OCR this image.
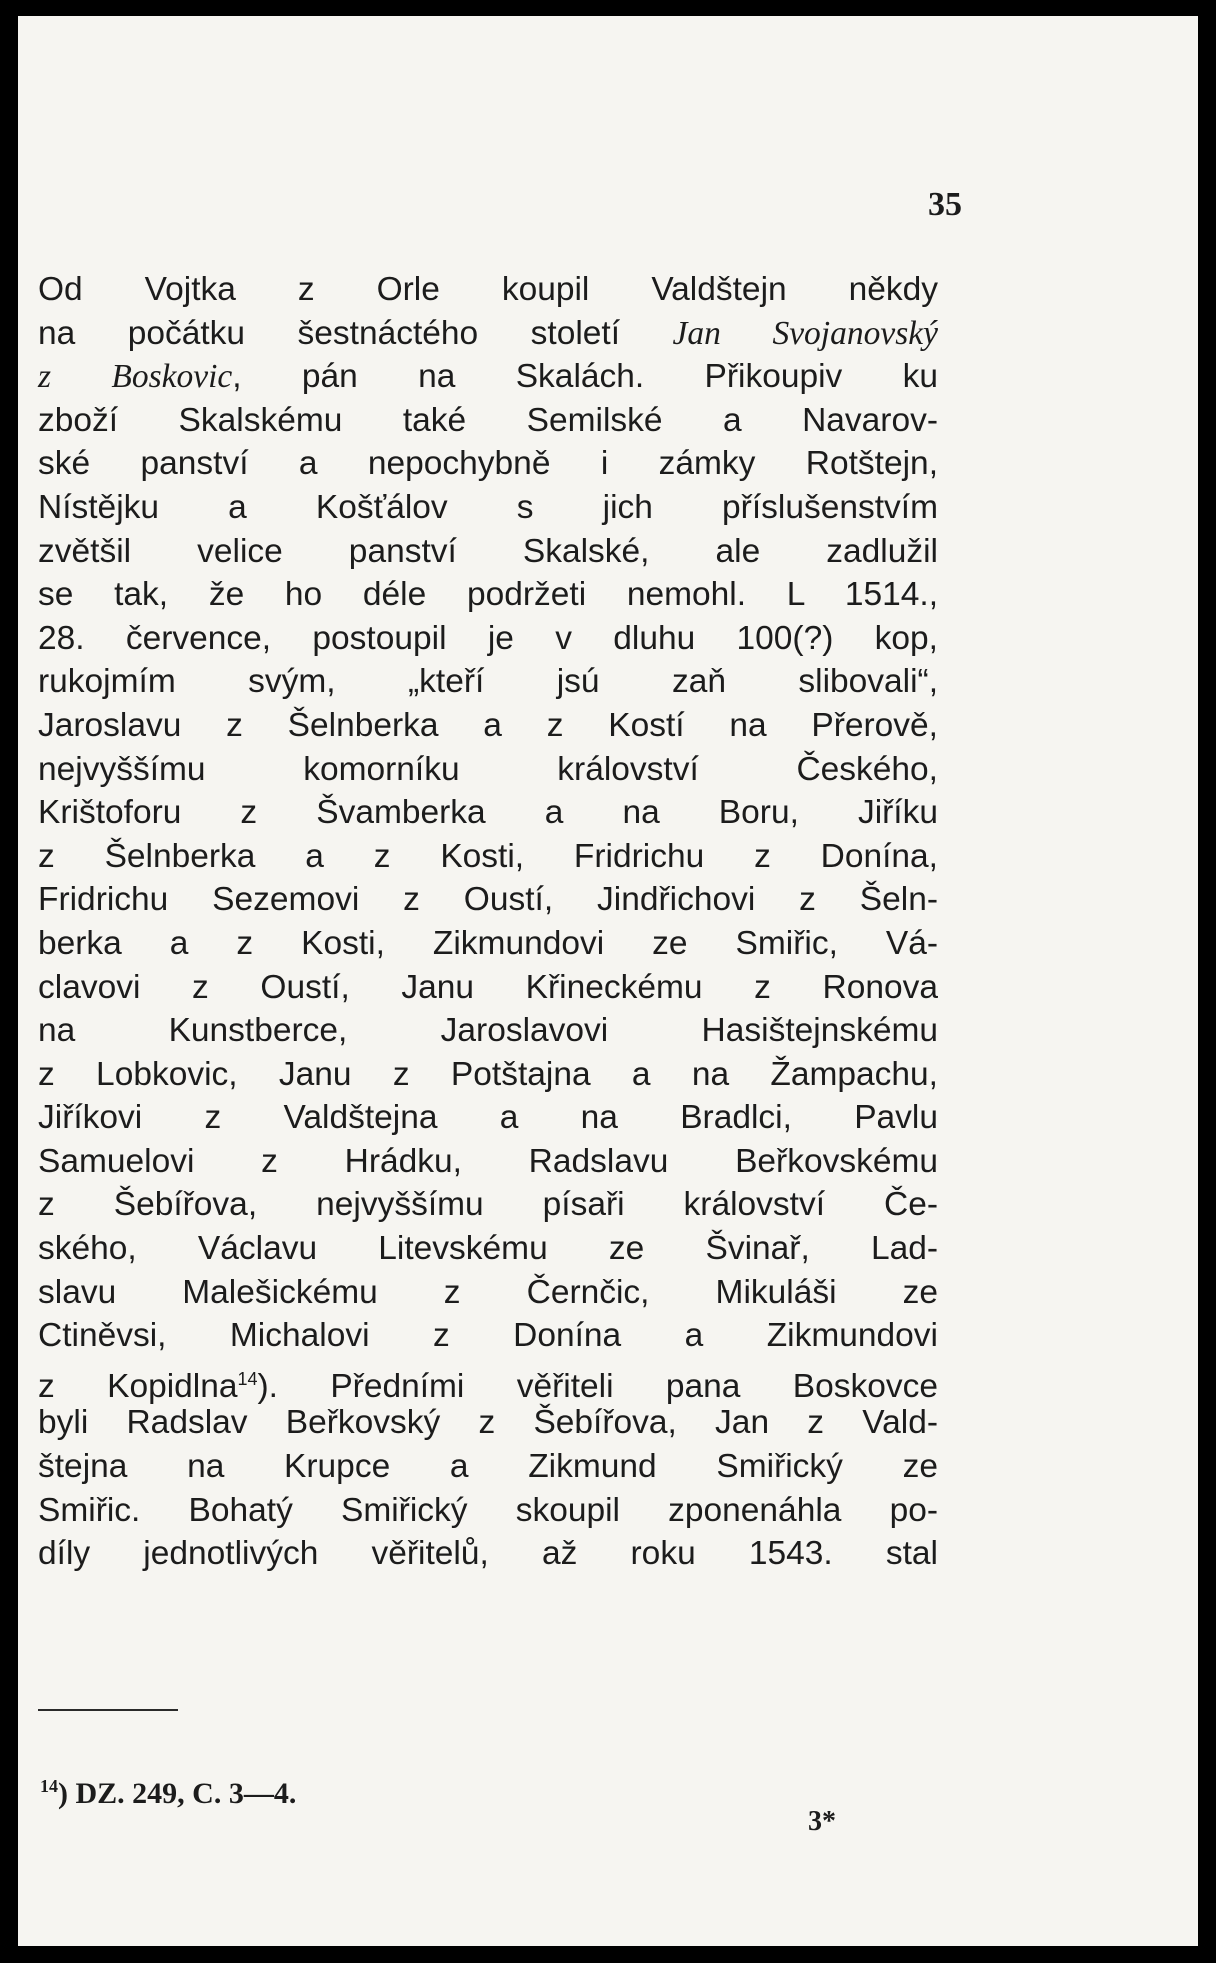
35
Od Vojtka z Orle koupil Valdštejn někdy
na počátku šestnáctého století Jan Svojanovský
z Boskovic, pán na Skalách. Přikoupiv ku
zboží Skalskému také Semilské a Navarov-
ské panství a nepochybně i zámky Rotštejn,
Nístějku a Košťálov s jich příslušenstvím
zvětšil velice panství Skalské, ale zadlužil
se tak, že ho déle podržeti nemohl. L 1514.,
28. července, postoupil je v dluhu 100(?) kop,
rukojmím svým, „kteří jsú zaň slibovali“,
Jaroslavu z Šelnberka a z Kostí na Přerově,
nejvyššímu komorníku království Českého,
Krištoforu z Švamberka a na Boru, Jiříku
z Šelnberka a z Kosti, Fridrichu z Donína,
Fridrichu Sezemovi z Oustí, Jindřichovi z Šeln-
berka a z Kosti, Zikmundovi ze Smiřic, Vá-
clavovi z Oustí, Janu Křineckému z Ronova
na Kunstberce, Jaroslavovi Hasištejnskému
z Lobkovic, Janu z Potštajna a na Žampachu,
Jiříkovi z Valdštejna a na Bradlci, Pavlu
Samuelovi z Hrádku, Radslavu Beřkovskému
z Šebířova, nejvyššímu písaři království Če-
ského, Václavu Litevskému ze Švinař, Lad-
slavu Malešickému z Černčic, Mikuláši ze
Ctiněvsi, Michalovi z Donína a Zikmundovi
z Kopidlna$^{14}$). Předními věřiteli pana Boskovce
byli Radslav Beřkovský z Šebířova, Jan z Vald-
štejna na Krupce a Zikmund Smiřický ze
Smiřic. Bohatý Smiřický skoupil zponenáhla po-
díly jednotlivých věřitelů, až roku 1543. stal
$^{14}$) DZ. 249, C. 3—4.
3*
